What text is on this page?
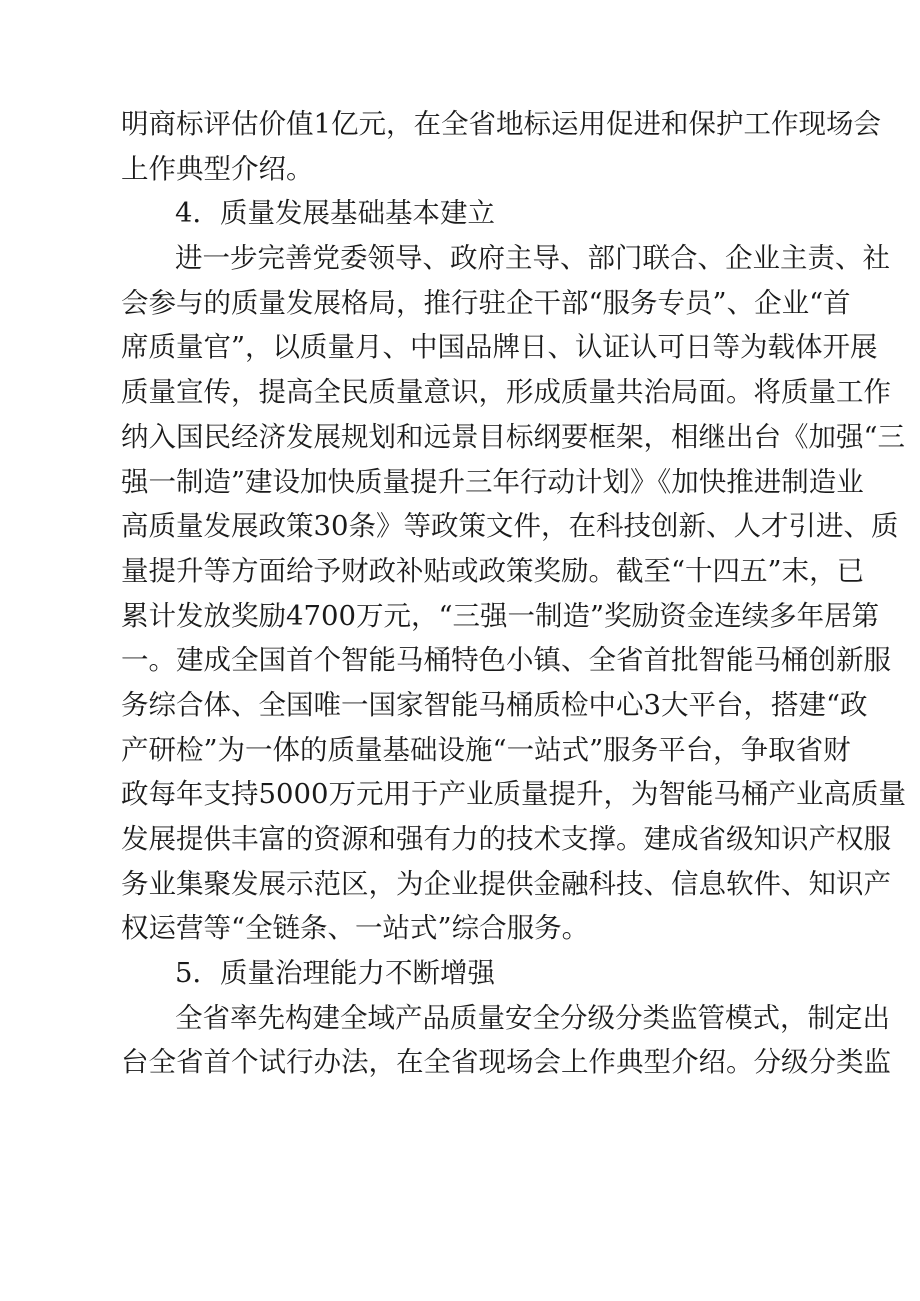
明商标评估价值1亿元，在全省地标运用促进和保护工作现场会
上作典型介绍。
4．质量发展基础基本建立
进一步完善党委领导、政府主导、部门联合、企业主责、社
会参与的质量发展格局，推行驻企干部“服务专员”、企业“首
席质量官”，以质量月、中国品牌日、认证认可日等为载体开展
质量宣传，提高全民质量意识，形成质量共治局面。将质量工作
纳入国民经济发展规划和远景目标纲要框架，相继出台《加强“三
强一制造”建设加快质量提升三年行动计划》《加快推进制造业
高质量发展政策30条》等政策文件，在科技创新、人才引进、质
量提升等方面给予财政补贴或政策奖励。截至“十四五”末，已
累计发放奖励4700万元，“三强一制造”奖励资金连续多年居第
一。建成全国首个智能马桶特色小镇、全省首批智能马桶创新服
务综合体、全国唯一国家智能马桶质检中心3大平台，搭建“政
产研检”为一体的质量基础设施“一站式”服务平台，争取省财
政每年支持5000万元用于产业质量提升，为智能马桶产业高质量
发展提供丰富的资源和强有力的技术支撑。建成省级知识产权服
务业集聚发展示范区，为企业提供金融科技、信息软件、知识产
权运营等“全链条、一站式”综合服务。
5．质量治理能力不断增强
全省率先构建全域产品质量安全分级分类监管模式，制定出
台全省首个试行办法，在全省现场会上作典型介绍。分级分类监
